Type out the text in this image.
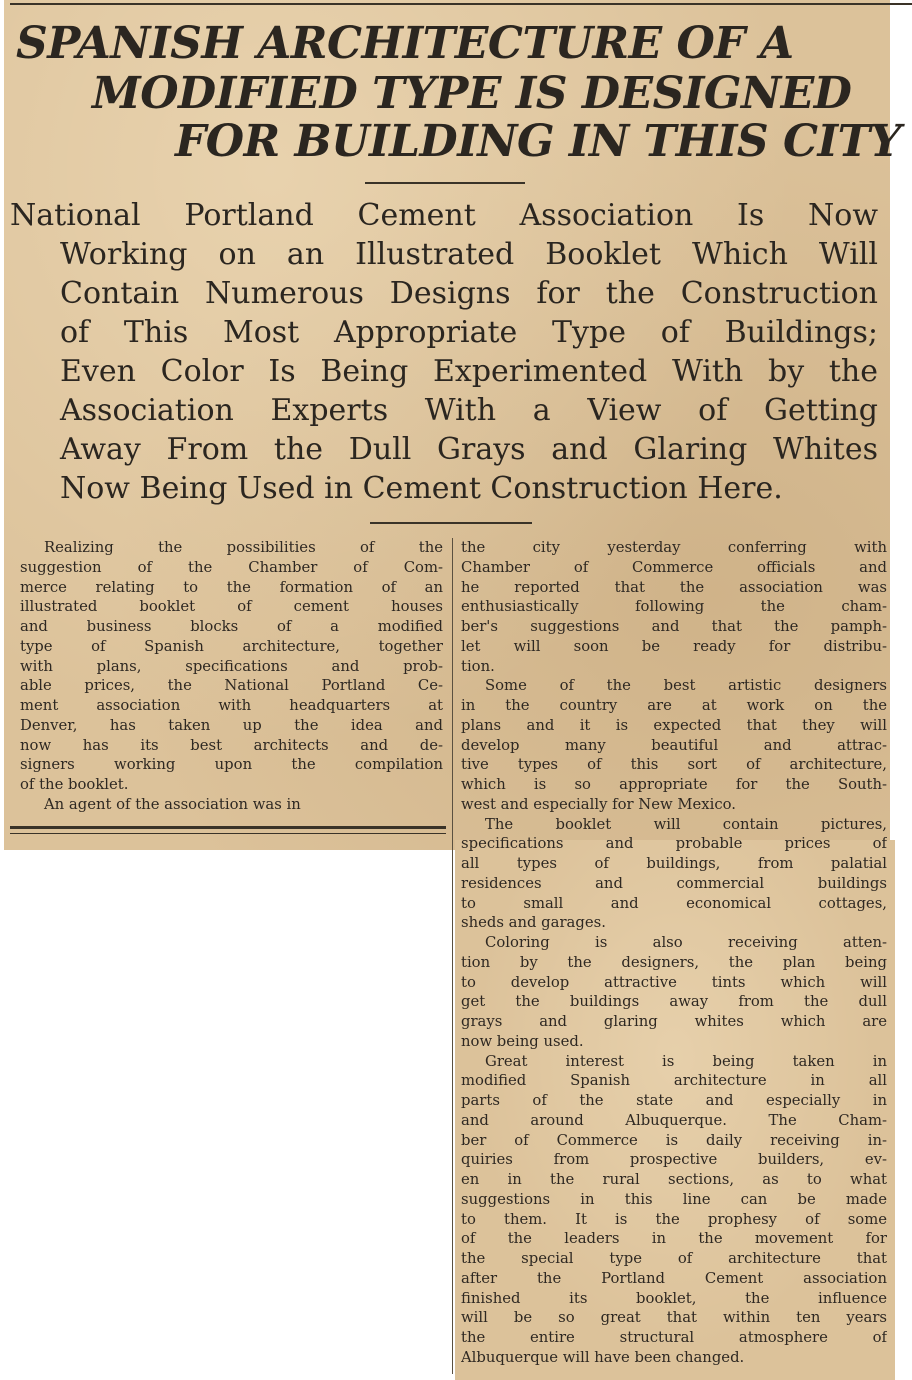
SPANISH ARCHITECTURE OF A
MODIFIED TYPE IS DESIGNED
FOR BUILDING IN THIS CITY
National Portland Cement Association Is Now
Working on an Illustrated Booklet Which Will
Contain Numerous Designs for the Construction
of This Most Appropriate Type of Buildings;
Even Color Is Being Experimented With by the
Association Experts With a View of Getting
Away From the Dull Grays and Glaring Whites
Now Being Used in Cement Construction Here.
Realizing the possibilities of the
suggestion of the Chamber of Com-
merce relating to the formation of an
illustrated booklet of cement houses
and business blocks of a modified
type of Spanish architecture, together
with plans, specifications and prob-
able prices, the National Portland Ce-
ment association with headquarters at
Denver, has taken up the idea and
now has its best architects and de-
signers working upon the compilation
of the booklet.
An agent of the association was in
the city yesterday conferring with
Chamber of Commerce officials and
he reported that the association was
enthusiastically following the cham-
ber's suggestions and that the pamph-
let will soon be ready for distribu-
tion.
Some of the best artistic designers
in the country are at work on the
plans and it is expected that they will
develop many beautiful and attrac-
tive types of this sort of architecture,
which is so appropriate for the South-
west and especially for New Mexico.
The booklet will contain pictures,
specifications and probable prices of
all types of buildings, from palatial
residences and commercial buildings
to small and economical cottages,
sheds and garages.
Coloring is also receiving atten-
tion by the designers, the plan being
to develop attractive tints which will
get the buildings away from the dull
grays and glaring whites which are
now being used.
Great interest is being taken in
modified Spanish architecture in all
parts of the state and especially in
and around Albuquerque. The Cham-
ber of Commerce is daily receiving in-
quiries from prospective builders, ev-
en in the rural sections, as to what
suggestions in this line can be made
to them. It is the prophesy of some
of the leaders in the movement for
the special type of architecture that
after the Portland Cement association
finished its booklet, the influence
will be so great that within ten years
the entire structural atmosphere of
Albuquerque will have been changed.
